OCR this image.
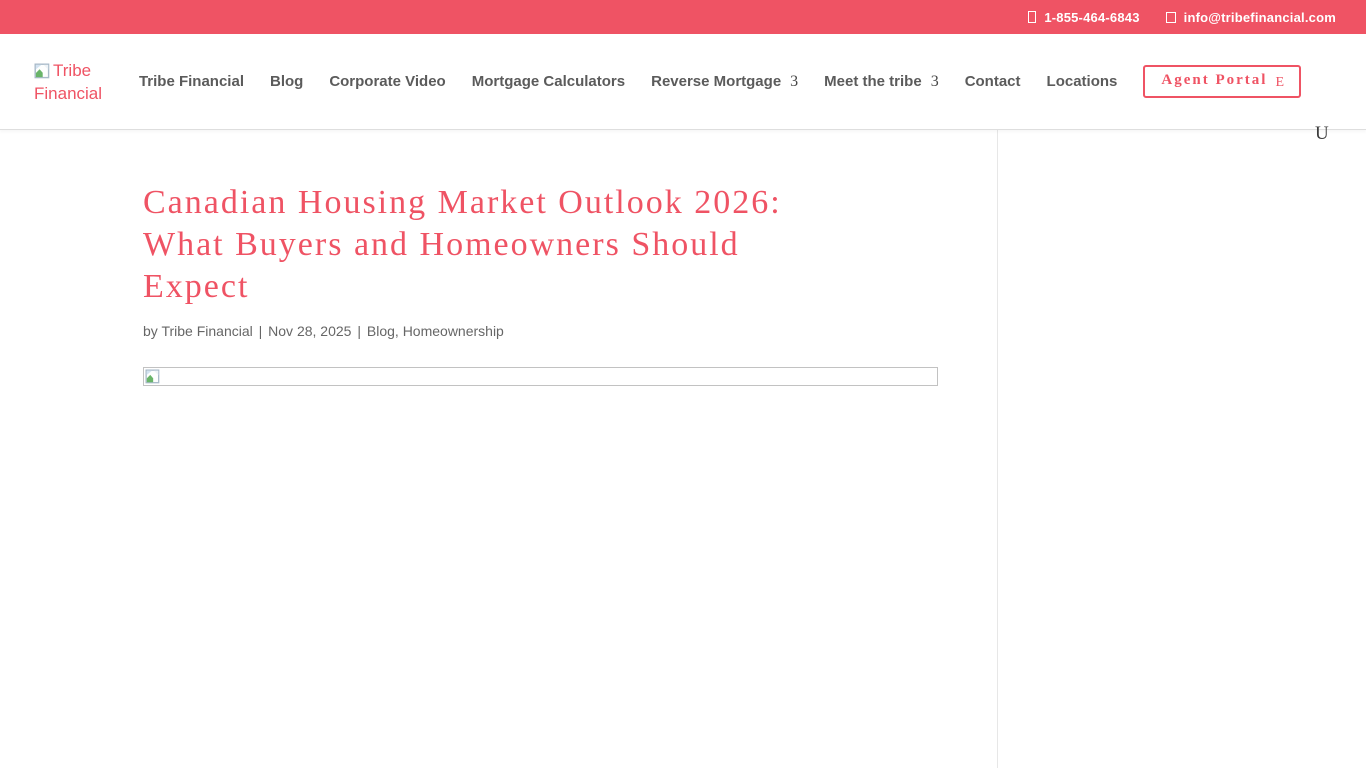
1-855-464-6843	info@tribefinancial.com
Tribe Financial
Tribe Financial Blog Corporate Video Mortgage Calculators Reverse Mortgage 3 Meet the tribe 3 Contact Locations	Agent Portal E
U
Canadian Housing Market Outlook 2026:
What Buyers and Homeowners Should
Expect

by Tribe Financial | Nov 28, 2025 | Blog, Homeownership
